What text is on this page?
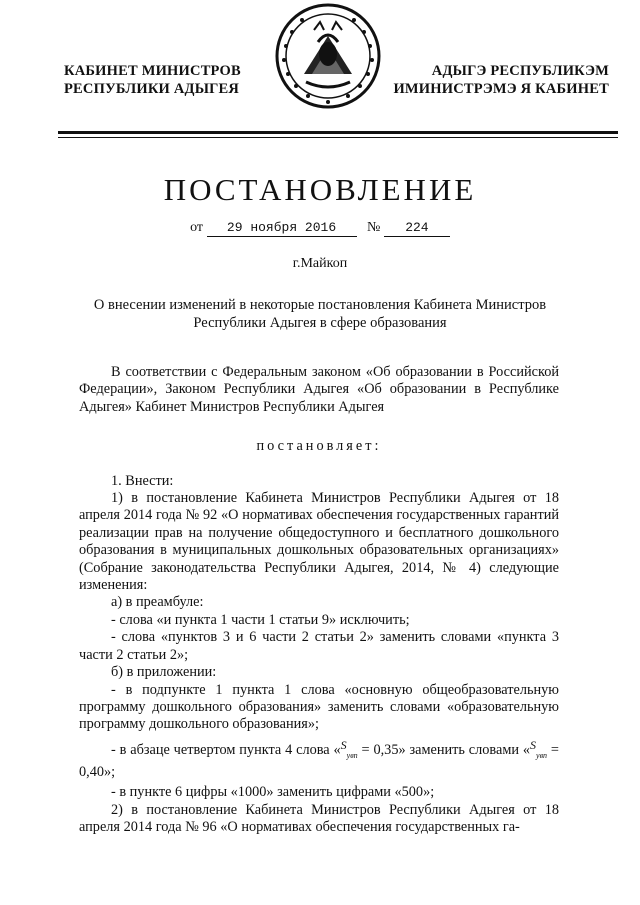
КАБИНЕТ МИНИСТРОВ
РЕСПУБЛИКИ АДЫГЕЯ
АДЫГЭ РЕСПУБЛИКЭМ
ИМИНИСТРЭМЭ Я КАБИНЕТ
ПОСТАНОВЛЕНИЕ
от 29 ноября 2016 № 224
г.Майкоп
О внесении изменений в некоторые постановления Кабинета Министров
Республики Адыгея в сфере образования

В соответствии с Федеральным законом «Об образовании в Российской Федерации», Законом Республики Адыгея «Об образовании в Республике Адыгея» Кабинет Министров Республики Адыгея

постановляет:

1. Внести:

1) в постановление Кабинета Министров Республики Адыгея от 18 апреля 2014 года № 92 «О нормативах обеспечения государственных гарантий реализации прав на получение общедоступного и бесплатного дошкольного образования в муниципальных дошкольных образовательных организациях» (Собрание законодательства Республики Адыгея, 2014, № 4) следующие изменения:

а) в преамбуле:

- слова «и пункта 1 части 1 статьи 9» исключить;

- слова «пунктов 3 и 6 части 2 статьи 2» заменить словами «пункта 3 части 2 статьи 2»;

б) в приложении:

- в подпункте 1 пункта 1 слова «основную общеобразовательную программу дошкольного образования» заменить словами «образовательную программу дошкольного образования»;

- в абзаце четвертом пункта 4 слова «$^S_{увп}$ = 0,35» заменить словами «$^S_{увп}$ = 0,40»;

- в пункте 6 цифры «1000» заменить цифрами «500»;

2) в постановление Кабинета Министров Республики Адыгея от 18 апреля 2014 года № 96 «О нормативах обеспечения государственных га-
